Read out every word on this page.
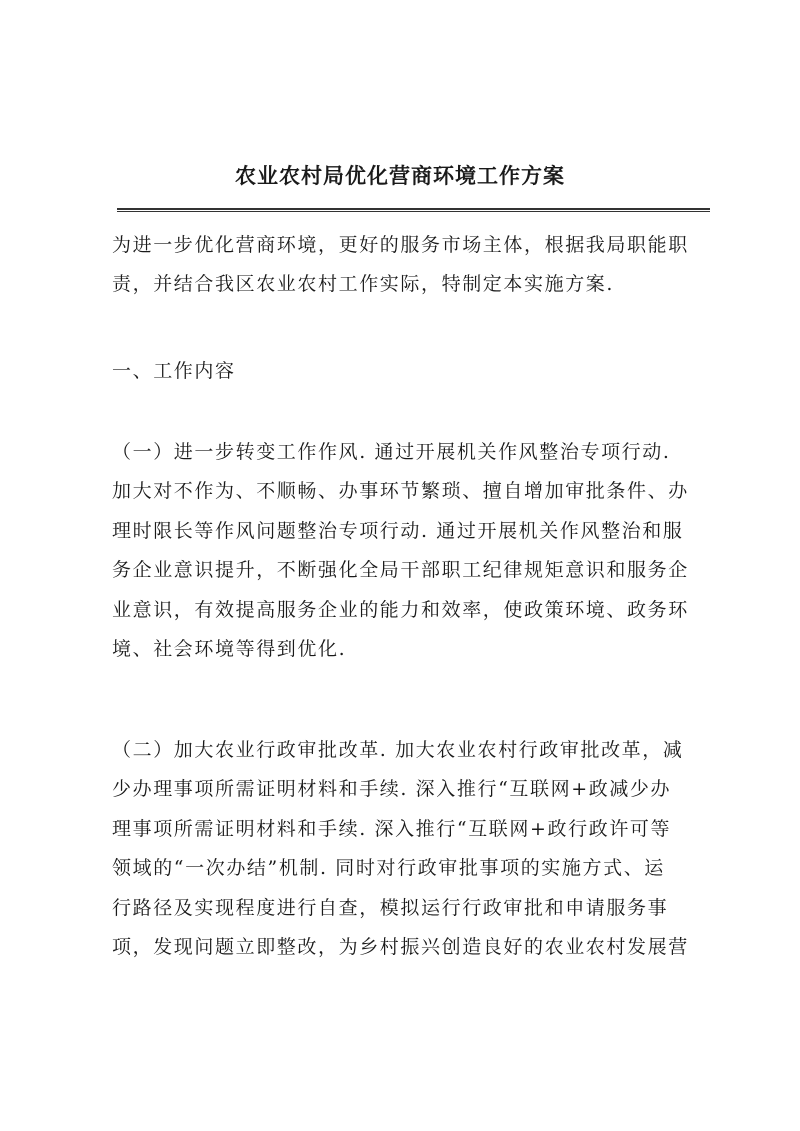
农业农村局优化营商环境工作方案

为进一步优化营商环境，更好的服务市场主体，根据我局职能职
责，并结合我区农业农村工作实际，特制定本实施方案.

一、工作内容

（一）进一步转变工作作风. 通过开展机关作风整治专项行动.
加大对不作为、不顺畅、办事环节繁琐、擅自增加审批条件、办
理时限长等作风问题整治专项行动. 通过开展机关作风整治和服
务企业意识提升，不断强化全局干部职工纪律规矩意识和服务企
业意识，有效提高服务企业的能力和效率，使政策环境、政务环
境、社会环境等得到优化.

（二）加大农业行政审批改革. 加大农业农村行政审批改革，减
少办理事项所需证明材料和手续. 深入推行“互联网+政减少办
理事项所需证明材料和手续. 深入推行“互联网+政行政许可等
领域的“一次办结”机制. 同时对行政审批事项的实施方式、运
行路径及实现程度进行自查，模拟运行行政审批和申请服务事
项，发现问题立即整改，为乡村振兴创造良好的农业农村发展营
